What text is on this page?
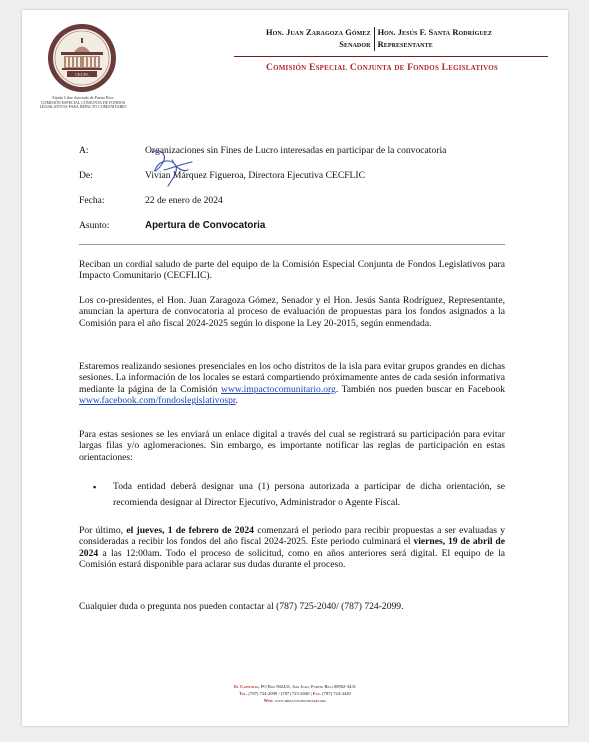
CECFL
Estado Libre Asociado de Puerto Rico
COMISIÓN ESPECIAL CONJUNTA DE FONDOS
LEGISLATIVOS PARA IMPACTO COMUNITARIO
Hon. Juan Zaragoza Gómez
Senador
Hon. Jesús F. Santa Rodríguez
Representante
Comisión Especial Conjunta de Fondos Legislativos
A:	Organizaciones sin Fines de Lucro interesadas en participar de la convocatoria
De:	Vivian Márquez Figueroa, Directora Ejecutiva CECFLIC
Fecha:	22 de enero de 2024
Asunto:	Apertura de Convocatoria

Reciban un cordial saludo de parte del equipo de la Comisión Especial Conjunta de Fondos Legislativos para Impacto Comunitario (CECFLIC).

Los co-presidentes, el Hon. Juan Zaragoza Gómez, Senador y el Hon. Jesús Santa Rodríguez, Representante, anuncian la apertura de convocatoria al proceso de evaluación de propuestas para los fondos asignados a la Comisión para el año fiscal 2024-2025 según lo dispone la Ley 20-2015, según enmendada.

Estaremos realizando sesiones presenciales en los ocho distritos de la isla para evitar grupos grandes en dichas sesiones. La información de los locales se estará compartiendo próximamente antes de cada sesión informativa mediante la página de la Comisión www.impactocomunitario.org. También nos pueden buscar en Facebook www.facebook.com/fondoslegislativospr.

Para estas sesiones se les enviará un enlace digital a través del cual se registrará su participación para evitar largas filas y/o aglomeraciones. Sin embargo, es importante notificar las reglas de participación en estas orientaciones:

▪	Toda entidad deberá designar una (1) persona autorizada a participar de dicha orientación, se recomienda designar al Director Ejecutivo, Administrador o Agente Fiscal.

Por último, el jueves, 1 de febrero de 2024 comenzará el periodo para recibir propuestas a ser evaluadas y consideradas a recibir los fondos del año fiscal 2024-2025. Este periodo culminará el viernes, 19 de abril de 2024 a las 12:00am. Todo el proceso de solicitud, como en años anteriores será digital. El equipo de la Comisión estará disponible para aclarar sus dudas durante el proceso.

Cualquier duda o pregunta nos pueden contactar al (787) 725-2040/ (787) 724-2099.

El Capitolio, PO Box 902431, San Juan, Puerto Rico 00902-3431
Tel. (787) 724-2099 / (787) 725-2040 | Fax. (787) 724-4449
Web: www.impactocomunitario.org
